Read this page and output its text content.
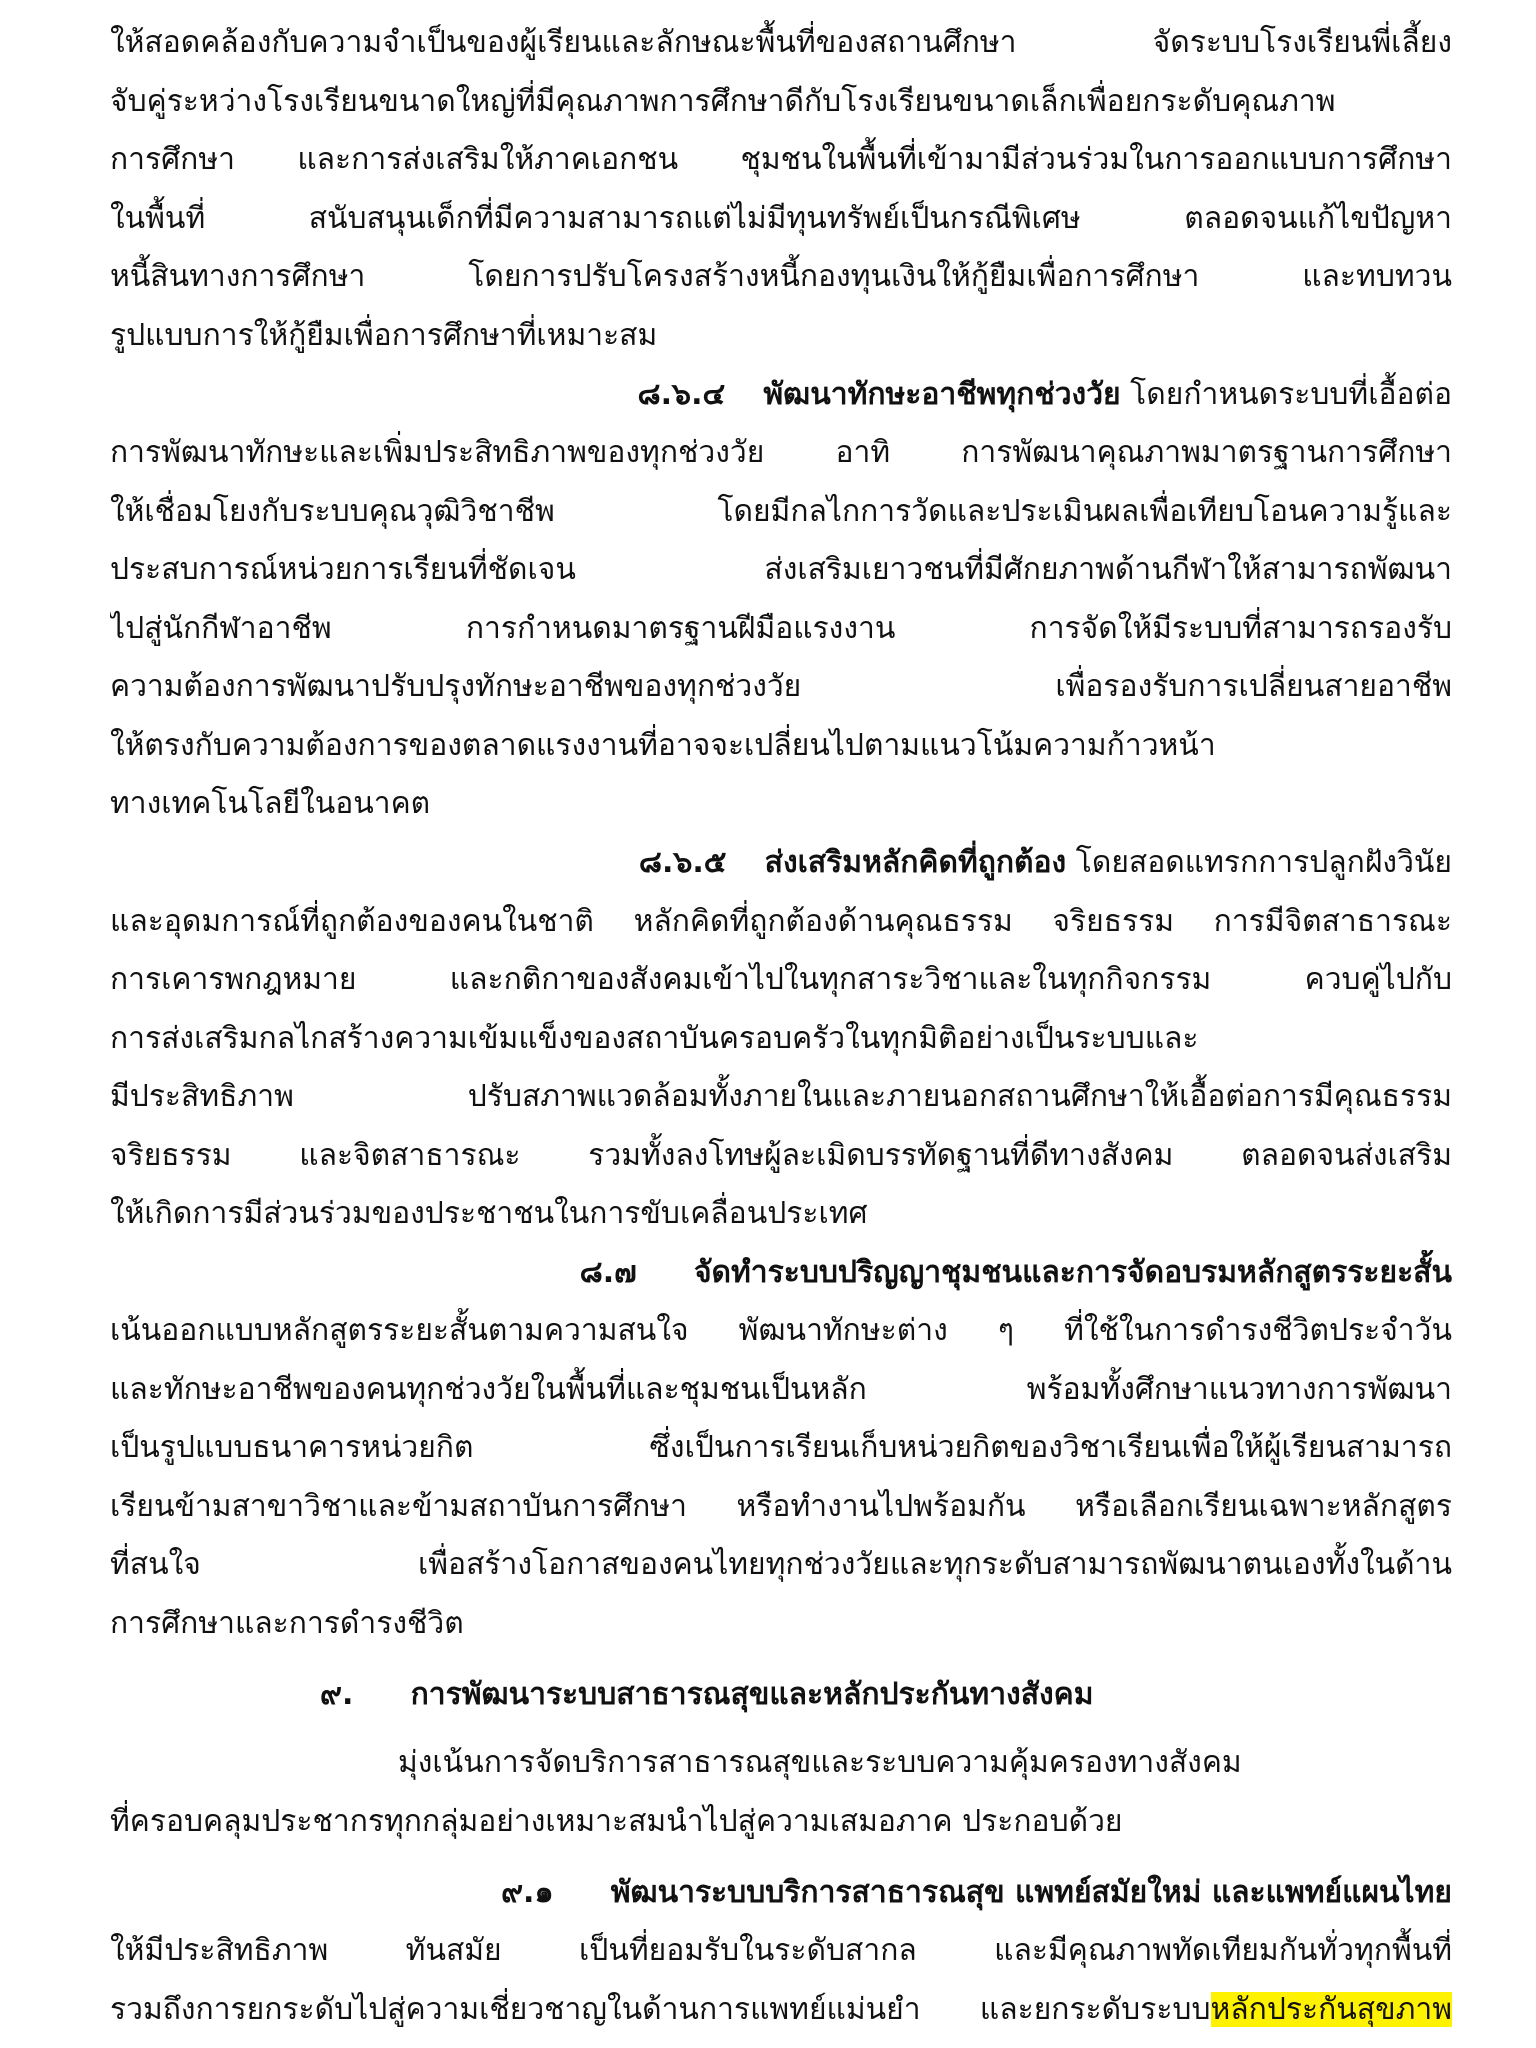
ให้สอดคล้องกับความจำเป็นของผู้เรียนและลักษณะพื้นที่ของสถานศึกษา จัดระบบโรงเรียนพี่เลี้ยง
จับคู่ระหว่างโรงเรียนขนาดใหญ่ที่มีคุณภาพการศึกษาดีกับโรงเรียนขนาดเล็กเพื่อยกระดับคุณภาพ
การศึกษา และการส่งเสริมให้ภาคเอกชน ชุมชนในพื้นที่เข้ามามีส่วนร่วมในการออกแบบการศึกษา
ในพื้นที่ สนับสนุนเด็กที่มีความสามารถแต่ไม่มีทุนทรัพย์เป็นกรณีพิเศษ ตลอดจนแก้ไขปัญหา
หนี้สินทางการศึกษา โดยการปรับโครงสร้างหนี้กองทุนเงินให้กู้ยืมเพื่อการศึกษา และทบทวน
รูปแบบการให้กู้ยืมเพื่อการศึกษาที่เหมาะสม
๘.๖.๔ พัฒนาทักษะอาชีพทุกช่วงวัย โดยกำหนดระบบที่เอื้อต่อ
การพัฒนาทักษะและเพิ่มประสิทธิภาพของทุกช่วงวัย อาทิ การพัฒนาคุณภาพมาตรฐานการศึกษา
ให้เชื่อมโยงกับระบบคุณวุฒิวิชาชีพ โดยมีกลไกการวัดและประเมินผลเพื่อเทียบโอนความรู้และ
ประสบการณ์หน่วยการเรียนที่ชัดเจน ส่งเสริมเยาวชนที่มีศักยภาพด้านกีฬาให้สามารถพัฒนา
ไปสู่นักกีฬาอาชีพ การกำหนดมาตรฐานฝีมือแรงงาน การจัดให้มีระบบที่สามารถรองรับ
ความต้องการพัฒนาปรับปรุงทักษะอาชีพของทุกช่วงวัย เพื่อรองรับการเปลี่ยนสายอาชีพ
ให้ตรงกับความต้องการของตลาดแรงงานที่อาจจะเปลี่ยนไปตามแนวโน้มความก้าวหน้า
ทางเทคโนโลยีในอนาคต
๘.๖.๕ ส่งเสริมหลักคิดที่ถูกต้อง โดยสอดแทรกการปลูกฝังวินัย
และอุดมการณ์ที่ถูกต้องของคนในชาติ หลักคิดที่ถูกต้องด้านคุณธรรม จริยธรรม การมีจิตสาธารณะ
การเคารพกฎหมาย และกติกาของสังคมเข้าไปในทุกสาระวิชาและในทุกกิจกรรม ควบคู่ไปกับ
การส่งเสริมกลไกสร้างความเข้มแข็งของสถาบันครอบครัวในทุกมิติอย่างเป็นระบบและ
มีประสิทธิภาพ ปรับสภาพแวดล้อมทั้งภายในและภายนอกสถานศึกษาให้เอื้อต่อการมีคุณธรรม
จริยธรรม และจิตสาธารณะ รวมทั้งลงโทษผู้ละเมิดบรรทัดฐานที่ดีทางสังคม ตลอดจนส่งเสริม
ให้เกิดการมีส่วนร่วมของประชาชนในการขับเคลื่อนประเทศ
๘.๗ จัดทำระบบปริญญาชุมชนและการจัดอบรมหลักสูตรระยะสั้น
เน้นออกแบบหลักสูตรระยะสั้นตามความสนใจ พัฒนาทักษะต่าง ๆ ที่ใช้ในการดำรงชีวิตประจำวัน
และทักษะอาชีพของคนทุกช่วงวัยในพื้นที่และชุมชนเป็นหลัก พร้อมทั้งศึกษาแนวทางการพัฒนา
เป็นรูปแบบธนาคารหน่วยกิต ซึ่งเป็นการเรียนเก็บหน่วยกิตของวิชาเรียนเพื่อให้ผู้เรียนสามารถ
เรียนข้ามสาขาวิชาและข้ามสถาบันการศึกษา หรือทำงานไปพร้อมกัน หรือเลือกเรียนเฉพาะหลักสูตร
ที่สนใจ เพื่อสร้างโอกาสของคนไทยทุกช่วงวัยและทุกระดับสามารถพัฒนาตนเองทั้งในด้าน
การศึกษาและการดำรงชีวิต
๙. การพัฒนาระบบสาธารณสุขและหลักประกันทางสังคม
มุ่งเน้นการจัดบริการสาธารณสุขและระบบความคุ้มครองทางสังคม
ที่ครอบคลุมประชากรทุกกลุ่มอย่างเหมาะสมนำไปสู่ความเสมอภาค ประกอบด้วย
๙.๑ พัฒนาระบบบริการสาธารณสุข แพทย์สมัยใหม่ และแพทย์แผนไทย
ให้มีประสิทธิภาพ ทันสมัย เป็นที่ยอมรับในระดับสากล และมีคุณภาพทัดเทียมกันทั่วทุกพื้นที่
รวมถึงการยกระดับไปสู่ความเชี่ยวชาญในด้านการแพทย์แม่นยำ และยกระดับระบบหลักประกันสุขภาพ
